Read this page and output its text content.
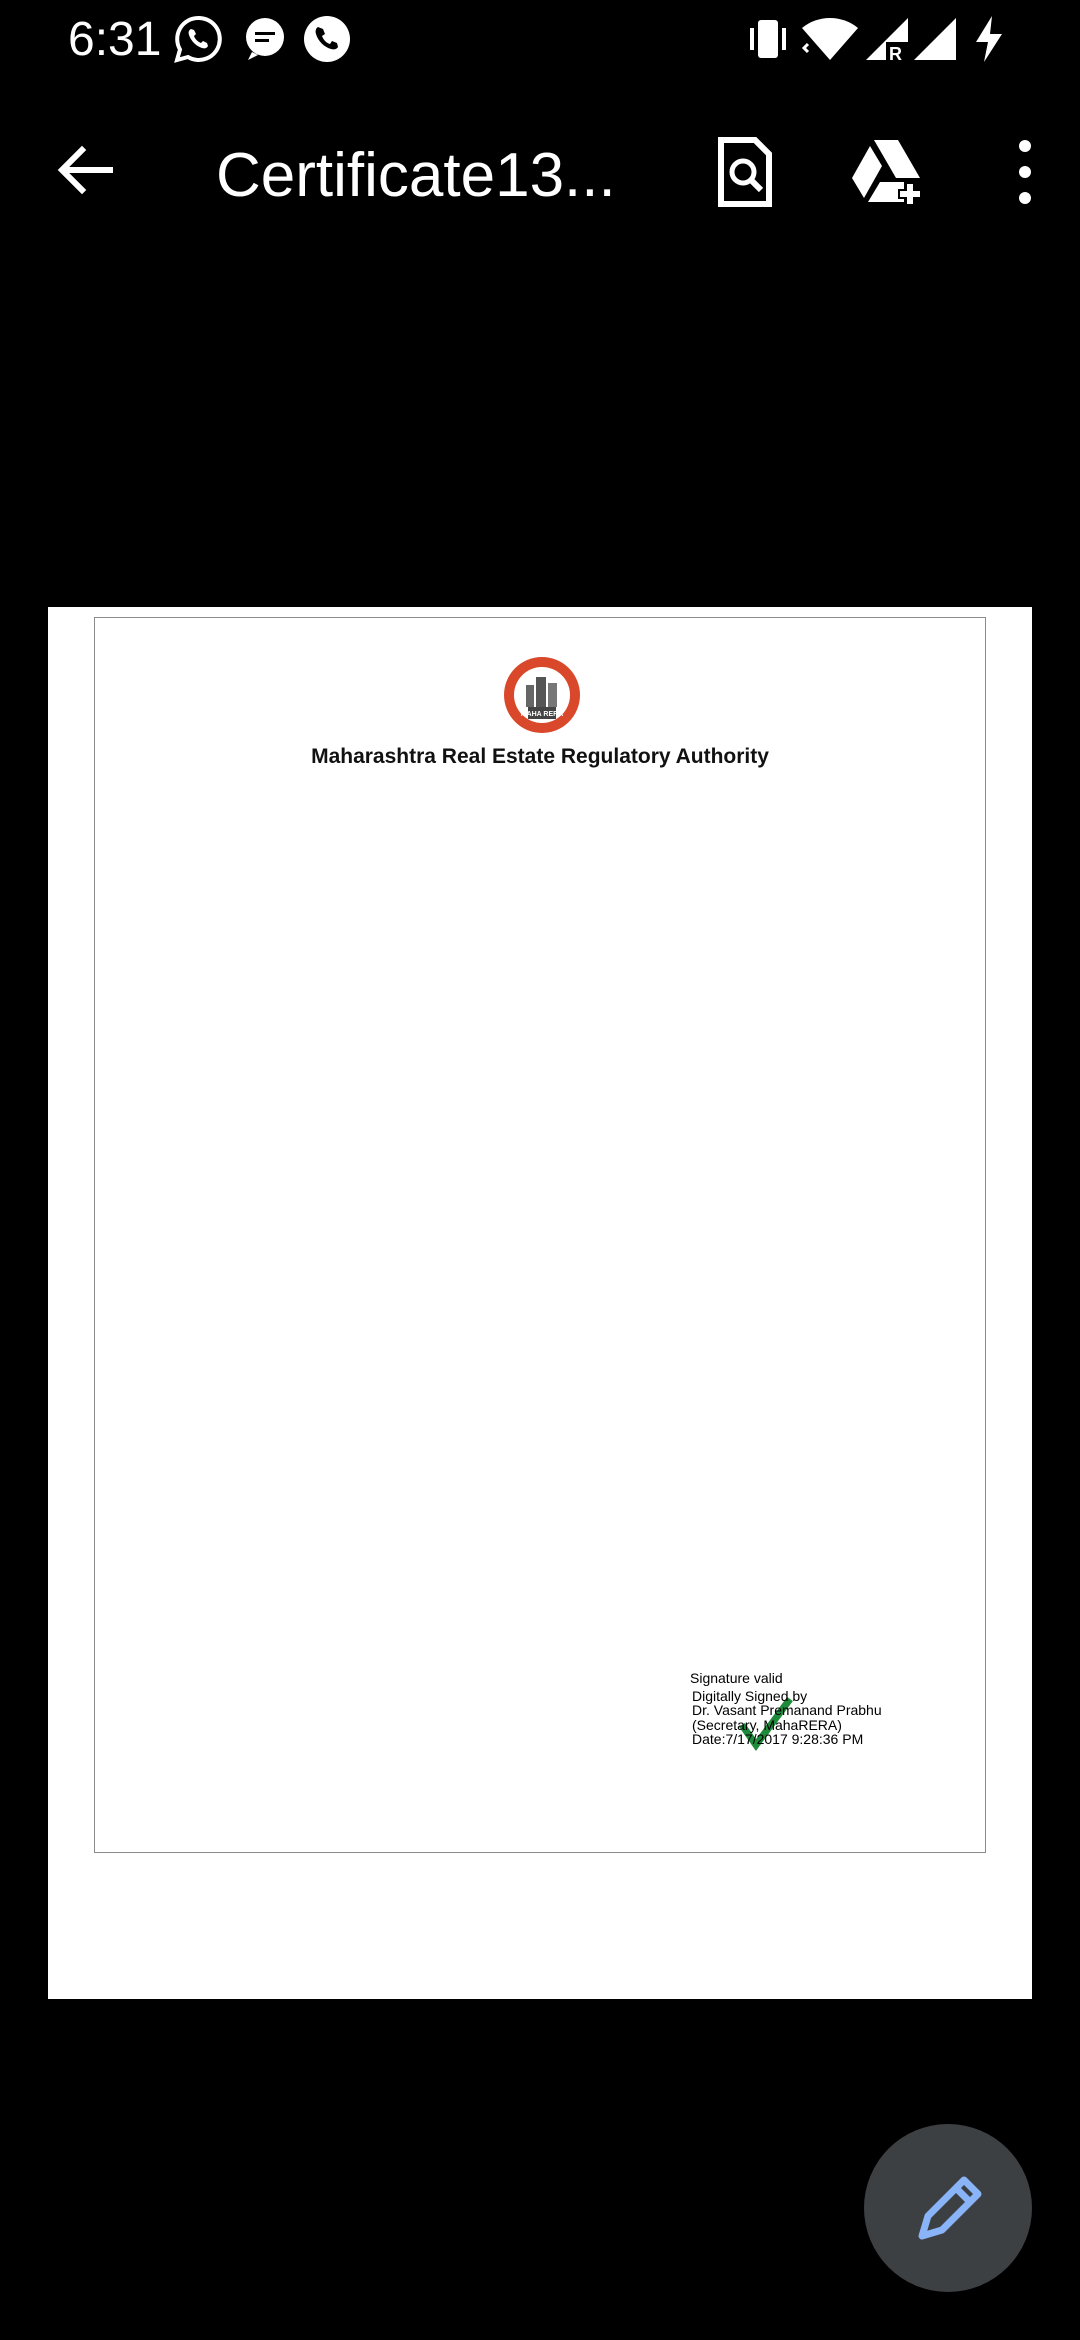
6:31	R
Certificate13...
MAHA RERA
Maharashtra Real Estate Regulatory Authority
REGISTRATION CERTIFICATE OF REAL ESTATE AGENT FORM
FORM 'H'
[See rule 12(1)(b)]
1. This registration is granted under section 9 with registration certificate bearing No. A51700003670 to -
Blue Lotus having its registered office / principal place of business at Tehsil: Thane, District: Thane, Pin: 400610, to act as a real estate agent to facilitate the sale or purchase of any plot, apartment or building, as the case may be, in real estate projects registered in the State of Maharashtra in terms and the rules and regulations made there under,
2. This registration is granted subject to the following conditions, namely:-
(i) The real estate agent shall not facilitate the sale or purchase of any plot, apartment or building, as the case may be, in a real estate project or part of it, being sold by the promoter which is required but not registered with the regulatory authority;
(ii) The real estate agent shall maintain and preserve such books of account, records and documents as provided under rule 16;
(iii) The real estate agent shall not involve himself in any unfair trade practices as specified under clause (c) of section 10 read with Rule 17;
(iv) The real estate agent shall provide assistance to enable the allottee and promoter to exercise their respective rights and fulfil their respective obligations at the time of booking and sale of any plot, apartment or building, as the case may be.
(v) The real estate agent shall comply with the provisions and the rules and regulations made there under;
(vi) The real estate agent shall discharge such other functions as may be specified by the regulatory authority by regulations;
3. The registration is valid for a period of five years commencing from 17/07/2017 and ending with 17/07/2022 unless renewed by the regulatory authority in accordance with the provisions or the rules and regulations made there under.
4. If the above mentioned conditions are not fulfilled by the real estate agent, the regulatory authority may take necessary action against the real estate agent including revoking the registration granted herein, as per the Act and the rules and regulations made there under.
Signature valid
Digitally Signed by
Dr. Vasant Premanand Prabhu
(Secretary, MahaRERA)
Date:7/17/2017 9:28:36 PM
Dated: 17/07/2017
Place: Mumbai
Signature and seal of the Authorized Officer
Maharashtra Real Estate Regulatory Authority
